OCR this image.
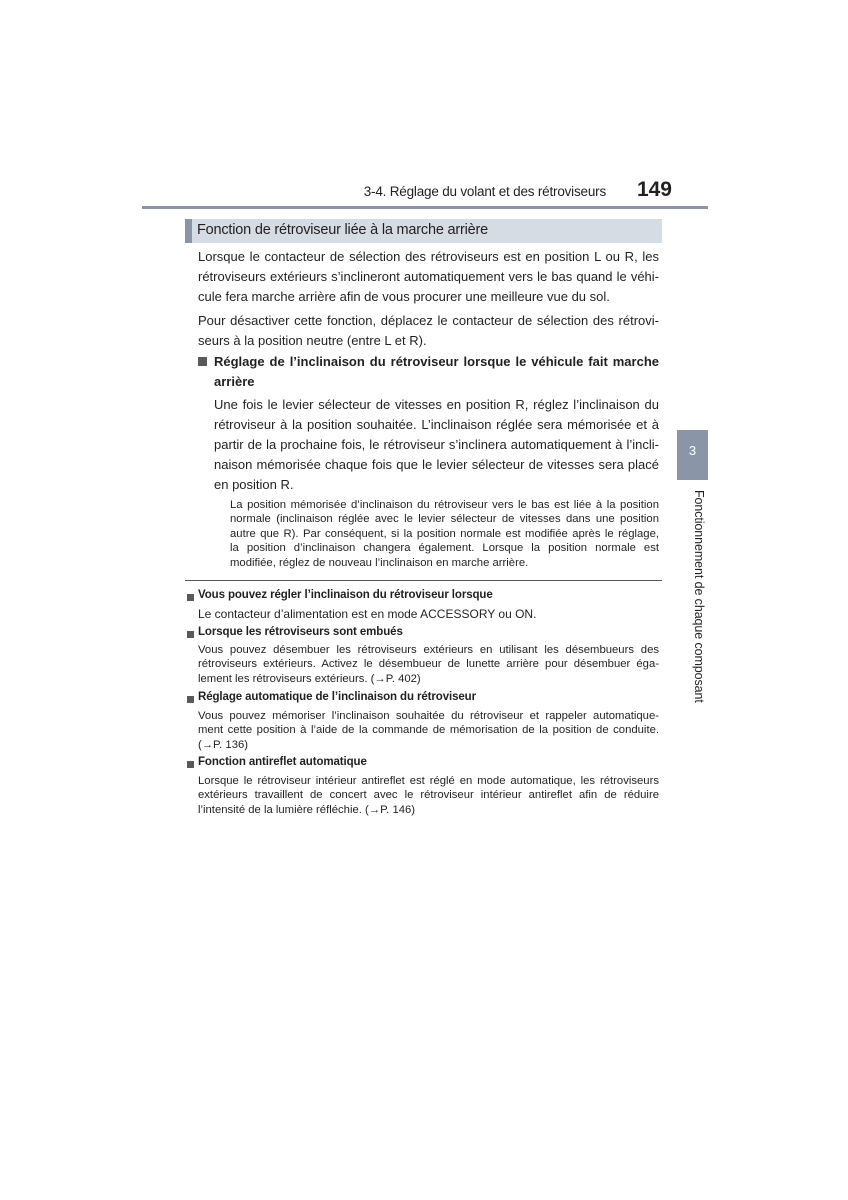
3-4. Réglage du volant et des rétroviseurs	149
Fonction de rétroviseur liée à la marche arrière
Lorsque le contacteur de sélection des rétroviseurs est en position L ou R, les
rétroviseurs extérieurs s’inclineront automatiquement vers le bas quand le véhi-
cule fera marche arrière afin de vous procurer une meilleure vue du sol.
Pour désactiver cette fonction, déplacez le contacteur de sélection des rétrovi-
seurs à la position neutre (entre L et R).
Réglage de l’inclinaison du rétroviseur lorsque le véhicule fait marche
arrière
Une fois le levier sélecteur de vitesses en position R, réglez l’inclinaison du
rétroviseur à la position souhaitée. L’inclinaison réglée sera mémorisée et à
partir de la prochaine fois, le rétroviseur s’inclinera automatiquement à l’incli-
naison mémorisée chaque fois que le levier sélecteur de vitesses sera placé
en position R.
La position mémorisée d’inclinaison du rétroviseur vers le bas est liée à la position
normale (inclinaison réglée avec le levier sélecteur de vitesses dans une position
autre que R). Par conséquent, si la position normale est modifiée après le réglage,
la position d’inclinaison changera également. Lorsque la position normale est
modifiée, réglez de nouveau l’inclinaison en marche arrière.
Vous pouvez régler l’inclinaison du rétroviseur lorsque
Le contacteur d’alimentation est en mode ACCESSORY ou ON.
Lorsque les rétroviseurs sont embués
Vous pouvez désembuer les rétroviseurs extérieurs en utilisant les désembueurs des
rétroviseurs extérieurs. Activez le désembueur de lunette arrière pour désembuer éga-
lement les rétroviseurs extérieurs. (→P. 402)
Réglage automatique de l’inclinaison du rétroviseur
Vous pouvez mémoriser l’inclinaison souhaitée du rétroviseur et rappeler automatique-
ment cette position à l’aide de la commande de mémorisation de la position de conduite.
(→P. 136)
Fonction antireflet automatique
Lorsque le rétroviseur intérieur antireflet est réglé en mode automatique, les rétroviseurs
extérieurs travaillent de concert avec le rétroviseur intérieur antireflet afin de réduire
l’intensité de la lumière réfléchie. (→P. 146)
3
Fonctionnement de chaque composant
